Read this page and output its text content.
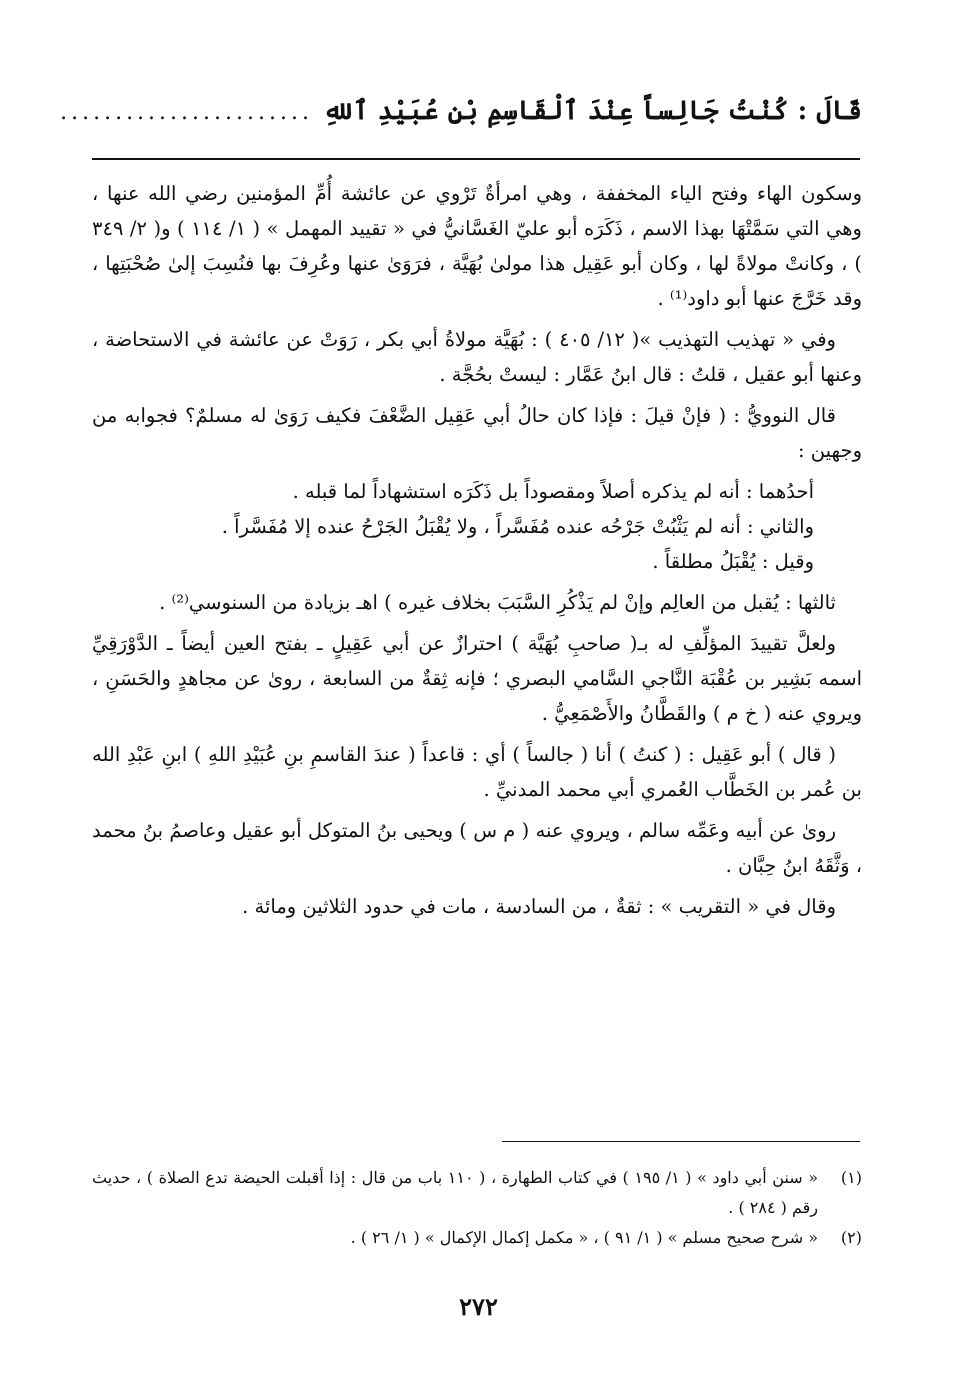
قَالَ : كُنْتُ جَالِساً عِنْدَ ٱلْقَاسِمِ بْنِ عُبَيْدِ ٱللهِ
.......................

وسكون الهاء وفتح الياء المخففة ، وهي امرأةٌ تَرْوي عن عائشة أُمِّ المؤمنين رضي الله عنها ، وهي التي سَمَّتْهَا بهذا الاسم ، ذَكَرَه أبو عليّ الغَسَّانيُّ في « تقييد المهمل » ( ١/ ١١٤ ) و( ٢/ ٣٤٩ ) ، وكانتْ مولاةً لها ، وكان أبو عَقِيل هذا مولىٰ بُهَيَّة ، فرَوَىٰ عنها وعُرِفَ بها فنُسِبَ إلىٰ صُحْبَتِها ، وقد خَرَّجَ عنها أبو داود⁽¹⁾ .

وفي « تهذيب التهذيب »( ١٢/ ٤٠٥ ) : بُهَيَّة مولاةُ أبي بكر ، رَوَتْ عن عائشة في الاستحاضة ، وعنها أبو عقيل ، قلتُ : قال ابنُ عَمَّار : ليستْ بحُجَّة .

قال النوويُّ : ( فإنْ قيلَ : فإذا كان حالُ أبي عَقِيل الضَّعْفَ فكيف رَوَىٰ له مسلمٌ؟ فجوابه من وجهين :

أحدُهما : أنه لم يذكره أصلاً ومقصوداً بل ذَكَرَه استشهاداً لما قبله .

والثاني : أنه لم يَثْبُتْ جَرْحُه عنده مُفَسَّراً ، ولا يُقْبَلُ الجَرْحُ عنده إلا مُفَسَّراً .

وقيل : يُقْبَلُ مطلقاً .

ثالثها : يُقبل من العالِم وإنْ لم يَذْكُرِ السَّبَبَ بخلاف غيره ) اهـ بزيادة من السنوسي⁽²⁾ .

ولعلَّ تقييدَ المؤلِّفِ له بـ( صاحبِ بُهَيَّة ) احترازٌ عن أبي عَقِيلٍ ـ بفتح العين أيضاً ـ الدَّوْرَقِيِّ اسمه بَشِير بن عُقْبَة النَّاجي السَّامي البصري ؛ فإنه ثِقةٌ من السابعة ، روىٰ عن مجاهدٍ والحَسَنِ ، ويروي عنه ( خ م ) والقَطَّانُ والأَصْمَعِيُّ .

( قال ) أبو عَقِيل : ( كنتُ ) أنا ( جالساً ) أي : قاعداً ( عندَ القاسمِ بنِ عُبَيْدِ اللهِ ) ابنِ عَبْدِ الله بن عُمر بن الخَطَّاب العُمري أبي محمد المدنيِّ .

روىٰ عن أبيه وعَمِّه سالم ، ويروي عنه ( م س ) ويحيى بنُ المتوكل أبو عقيل وعاصمُ بنُ محمد ، وَثَّقَهُ ابنُ حِبَّان .

وقال في « التقريب » : ثقةٌ ، من السادسة ، مات في حدود الثلاثين ومائة .

(١)
« سنن أبي داود » ( ١/ ١٩٥ ) في كتاب الطهارة ، ( ١١٠ باب من قال : إذا أقبلت الحيضة تدع الصلاة ) ، حديث رقم ( ٢٨٤ ) .
(٢)
« شرح صحيح مسلم » ( ١/ ٩١ ) ، « مكمل إكمال الإكمال » ( ١/ ٢٦ ) .
٢٧٢
